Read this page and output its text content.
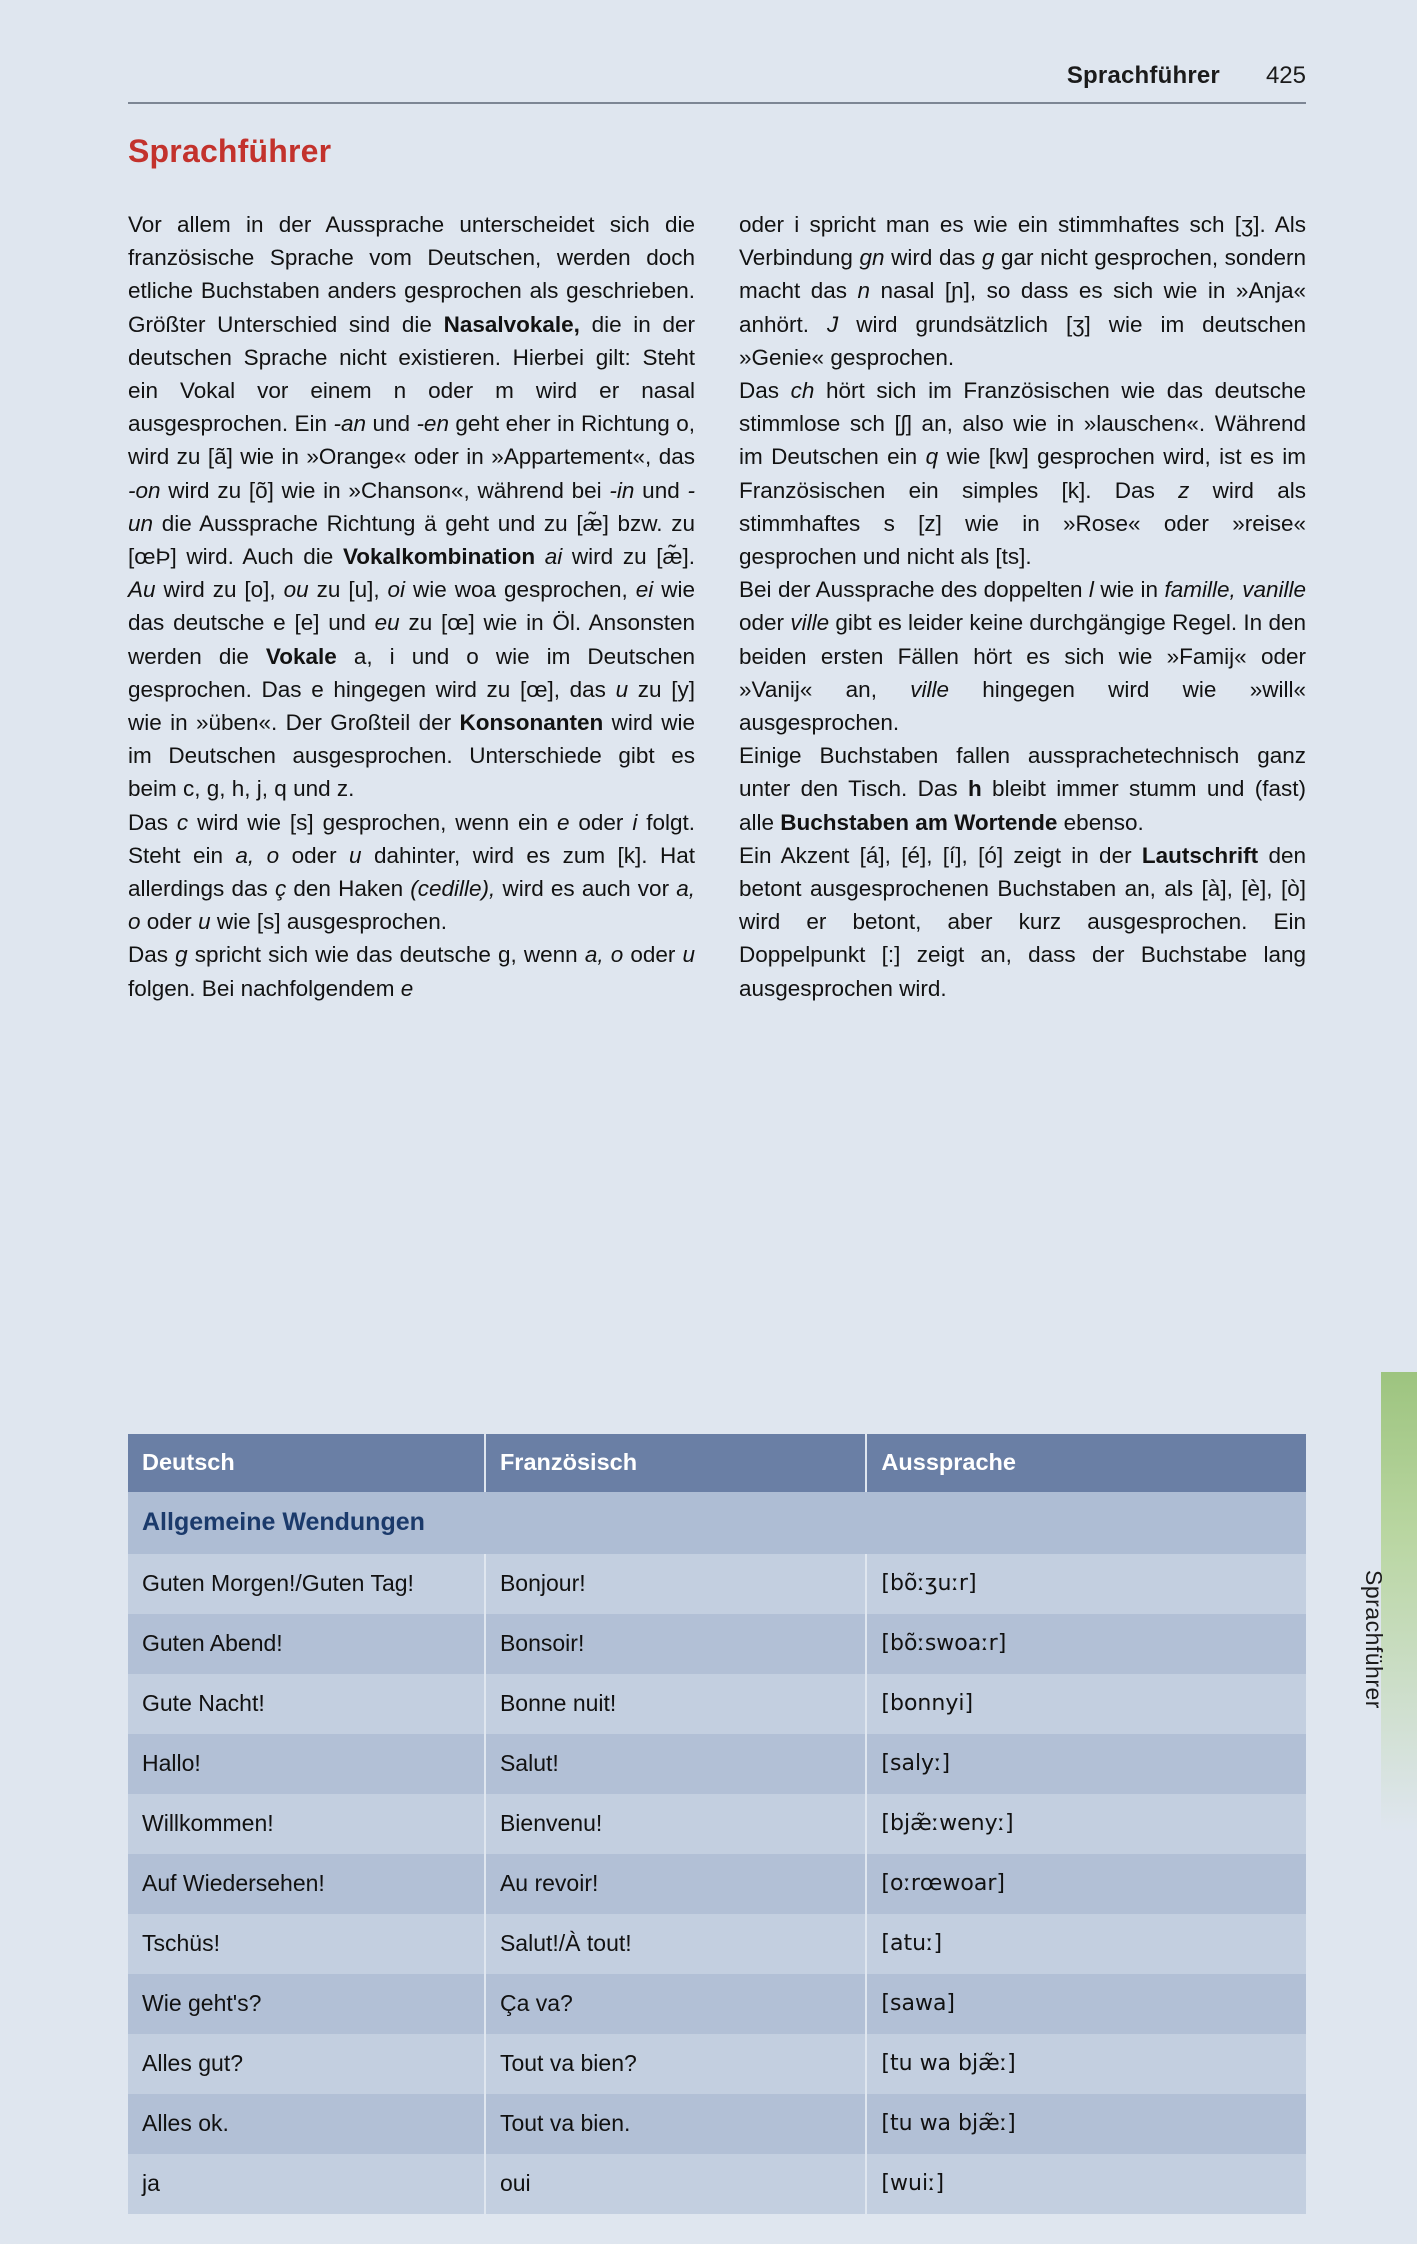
Sprachführer 425
Sprachführer

Vor allem in der Aussprache unterscheidet sich die französische Sprache vom Deutschen, werden doch etliche Buchstaben anders gesprochen als geschrieben. Größter Unterschied sind die Nasalvokale, die in der deutschen Sprache nicht existieren. Hierbei gilt: Steht ein Vokal vor einem n oder m wird er nasal ausgesprochen. Ein -an und -en geht eher in Richtung o, wird zu [ã] wie in »Orange« oder in »Appartement«, das -on wird zu [õ] wie in »Chanson«, während bei -in und -un die Aussprache Richtung ä geht und zu [æ̃] bzw. zu [œÞ] wird. Auch die Vokalkombination ai wird zu [æ̃]. Au wird zu [o], ou zu [u], oi wie woa gesprochen, ei wie das deutsche e [e] und eu zu [œ] wie in Öl. Ansonsten werden die Vokale a, i und o wie im Deutschen gesprochen. Das e hingegen wird zu [œ], das u zu [y] wie in »üben«. Der Großteil der Konsonanten wird wie im Deutschen ausgesprochen. Unterschiede gibt es beim c, g, h, j, q und z.

Das c wird wie [s] gesprochen, wenn ein e oder i folgt. Steht ein a, o oder u dahinter, wird es zum [k]. Hat allerdings das ç den Haken (cedille), wird es auch vor a, o oder u wie [s] ausgesprochen.

Das g spricht sich wie das deutsche g, wenn a, o oder u folgen. Bei nachfolgendem e

oder i spricht man es wie ein stimmhaftes sch [ʒ]. Als Verbindung gn wird das g gar nicht gesprochen, sondern macht das n nasal [ɲ], so dass es sich wie in »Anja« anhört. J wird grundsätzlich [ʒ] wie im deutschen »Genie« gesprochen.

Das ch hört sich im Französischen wie das deutsche stimmlose sch [ʃ] an, also wie in »lauschen«. Während im Deutschen ein q wie [kw] gesprochen wird, ist es im Französischen ein simples [k]. Das z wird als stimmhaftes s [z] wie in »Rose« oder »reise« gesprochen und nicht als [ts].

Bei der Aussprache des doppelten l wie in famille, vanille oder ville gibt es leider keine durchgängige Regel. In den beiden ersten Fällen hört es sich wie »Famij« oder »Vanij« an, ville hingegen wird wie »will« ausgesprochen.

Einige Buchstaben fallen aussprachetechnisch ganz unter den Tisch. Das h bleibt immer stumm und (fast) alle Buchstaben am Wortende ebenso.

Ein Akzent [á], [é], [í], [ó] zeigt in der Lautschrift den betont ausgesprochenen Buchstaben an, als [à], [è], [ò] wird er betont, aber kurz ausgesprochen. Ein Doppelpunkt [:] zeigt an, dass der Buchstabe lang ausgesprochen wird.

Deutsch	Französisch	Aussprache
Allgemeine Wendungen		
Guten Morgen!/Guten Tag!	Bonjour!	[bõːʒuːr]
Guten Abend!	Bonsoir!	[bõːswoaːr]
Gute Nacht!	Bonne nuit!	[bonnyi]
Hallo!	Salut!	[salyː]
Willkommen!	Bienvenu!	[bjæ̃ːwenyː]
Auf Wiedersehen!	Au revoir!	[oːrœwoar]
Tschüs!	Salut!/À tout!	[atuː]
Wie geht's?	Ça va?	[sawa]
Alles gut?	Tout va bien?	[tu wa bjæ̃ː]
Alles ok.	Tout va bien.	[tu wa bjæ̃ː]
ja	oui	[wuiː]
Sprachführer
